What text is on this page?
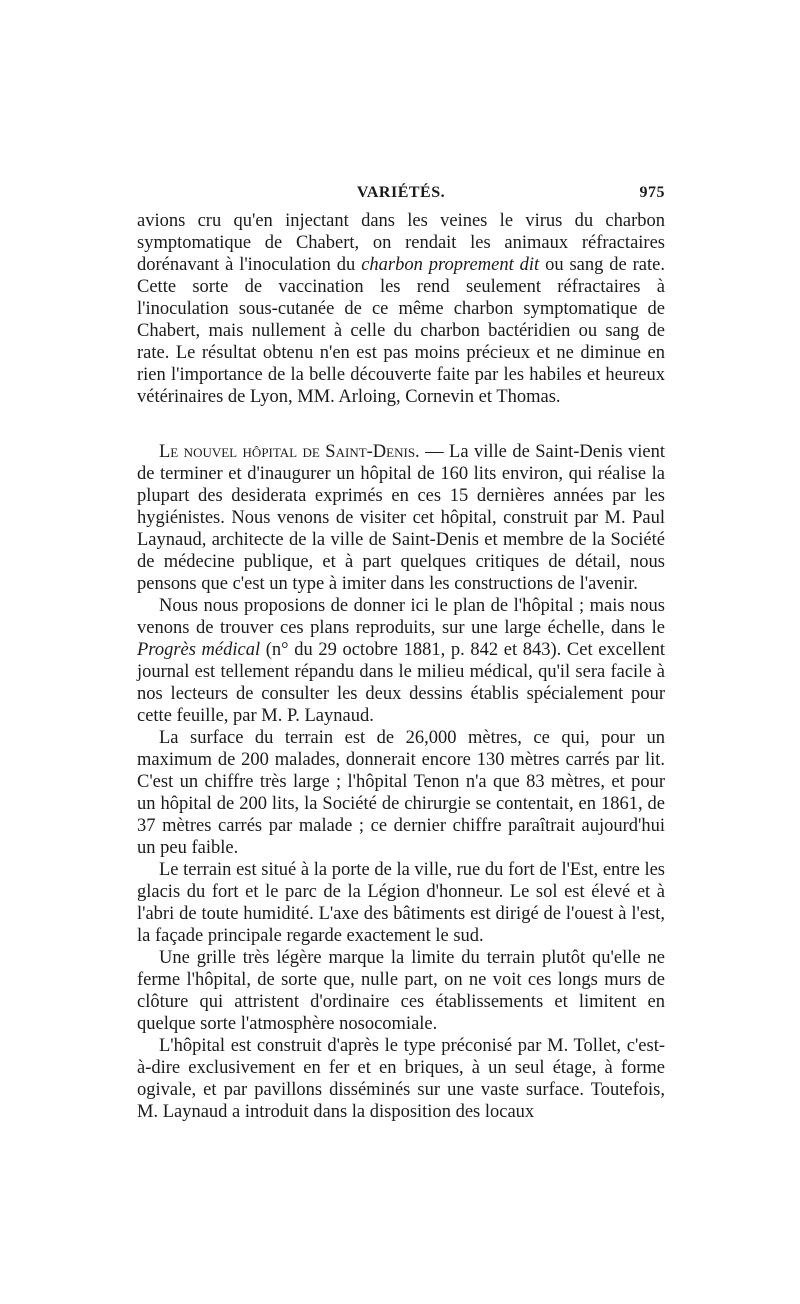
VARIÉTÉS.	975

avions cru qu'en injectant dans les veines le virus du charbon symptomatique de Chabert, on rendait les animaux réfractaires dorénavant à l'inoculation du charbon proprement dit ou sang de rate. Cette sorte de vaccination les rend seulement réfractaires à l'inoculation sous-cutanée de ce même charbon symptomatique de Chabert, mais nullement à celle du charbon bactéridien ou sang de rate. Le résultat obtenu n'en est pas moins précieux et ne diminue en rien l'importance de la belle découverte faite par les habiles et heureux vétérinaires de Lyon, MM. Arloing, Cornevin et Thomas.

Le nouvel hôpital de Saint-Denis. — La ville de Saint-Denis vient de terminer et d'inaugurer un hôpital de 160 lits environ, qui réalise la plupart des desiderata exprimés en ces 15 dernières années par les hygiénistes. Nous venons de visiter cet hôpital, construit par M. Paul Laynaud, architecte de la ville de Saint-Denis et membre de la Société de médecine publique, et à part quelques critiques de détail, nous pensons que c'est un type à imiter dans les constructions de l'avenir.

Nous nous proposions de donner ici le plan de l'hôpital ; mais nous venons de trouver ces plans reproduits, sur une large échelle, dans le Progrès médical (n° du 29 octobre 1881, p. 842 et 843). Cet excellent journal est tellement répandu dans le milieu médical, qu'il sera facile à nos lecteurs de consulter les deux dessins établis spécialement pour cette feuille, par M. P. Laynaud.

La surface du terrain est de 26,000 mètres, ce qui, pour un maximum de 200 malades, donnerait encore 130 mètres carrés par lit. C'est un chiffre très large ; l'hôpital Tenon n'a que 83 mètres, et pour un hôpital de 200 lits, la Société de chirurgie se contentait, en 1861, de 37 mètres carrés par malade ; ce dernier chiffre paraîtrait aujourd'hui un peu faible.

Le terrain est situé à la porte de la ville, rue du fort de l'Est, entre les glacis du fort et le parc de la Légion d'honneur. Le sol est élevé et à l'abri de toute humidité. L'axe des bâtiments est dirigé de l'ouest à l'est, la façade principale regarde exactement le sud.

Une grille très légère marque la limite du terrain plutôt qu'elle ne ferme l'hôpital, de sorte que, nulle part, on ne voit ces longs murs de clôture qui attristent d'ordinaire ces établissements et limitent en quelque sorte l'atmosphère nosocomiale.

L'hôpital est construit d'après le type préconisé par M. Tollet, c'est-à-dire exclusivement en fer et en briques, à un seul étage, à forme ogivale, et par pavillons disséminés sur une vaste surface. Toutefois, M. Laynaud a introduit dans la disposition des locaux
